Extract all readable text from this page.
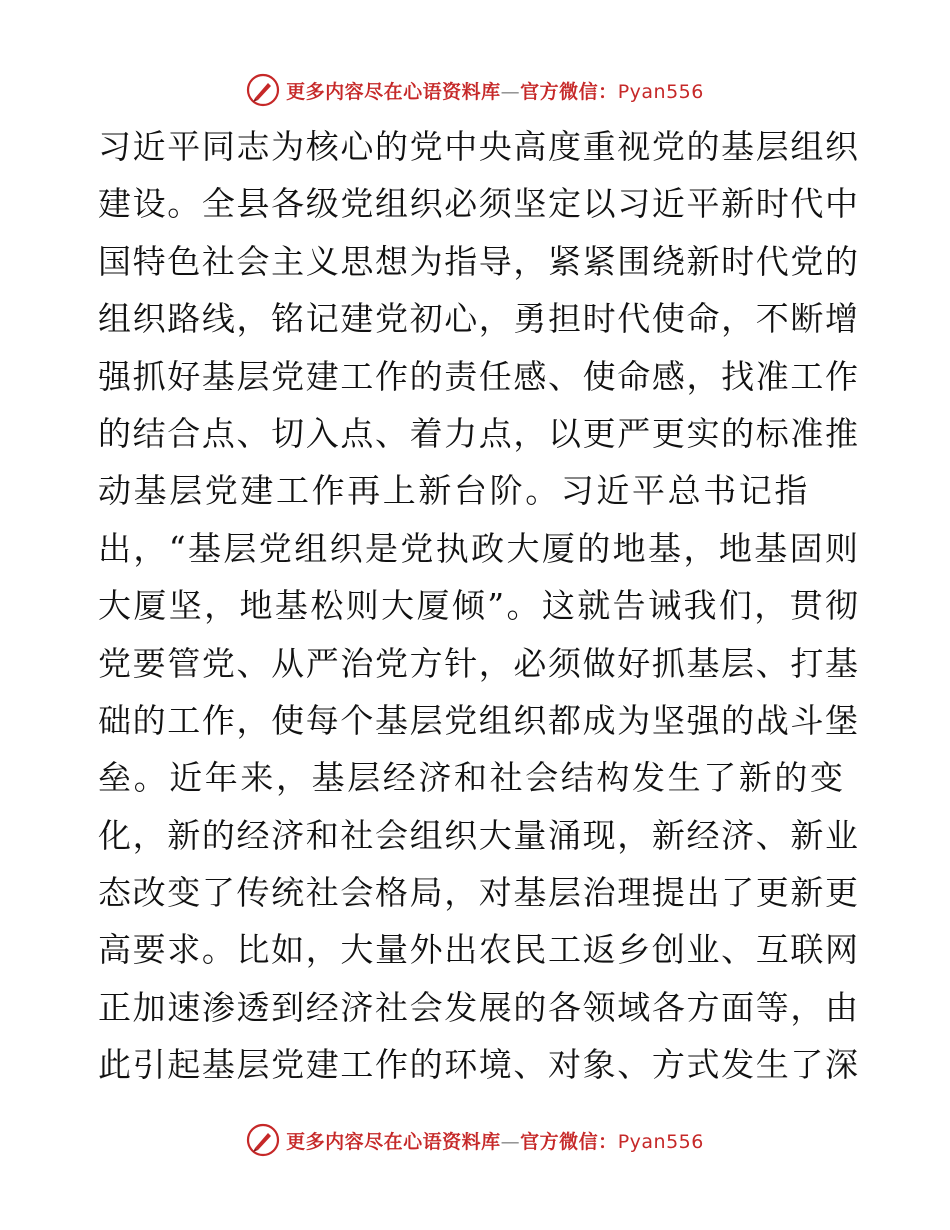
更多内容尽在心语资料库—官方微信：Pyan556
习近平同志为核心的党中央高度重视党的基层组织
建设。全县各级党组织必须坚定以习近平新时代中
国特色社会主义思想为指导，紧紧围绕新时代党的
组织路线，铭记建党初心，勇担时代使命，不断增
强抓好基层党建工作的责任感、使命感，找准工作
的结合点、切入点、着力点，以更严更实的标准推
动基层党建工作再上新台阶。习近平总书记指
出，“基层党组织是党执政大厦的地基，地基固则
大厦坚，地基松则大厦倾”。这就告诫我们，贯彻
党要管党、从严治党方针，必须做好抓基层、打基
础的工作，使每个基层党组织都成为坚强的战斗堡
垒。近年来，基层经济和社会结构发生了新的变
化，新的经济和社会组织大量涌现，新经济、新业
态改变了传统社会格局，对基层治理提出了更新更
高要求。比如，大量外出农民工返乡创业、互联网
正加速渗透到经济社会发展的各领域各方面等，由
此引起基层党建工作的环境、对象、方式发生了深
更多内容尽在心语资料库—官方微信：Pyan556
